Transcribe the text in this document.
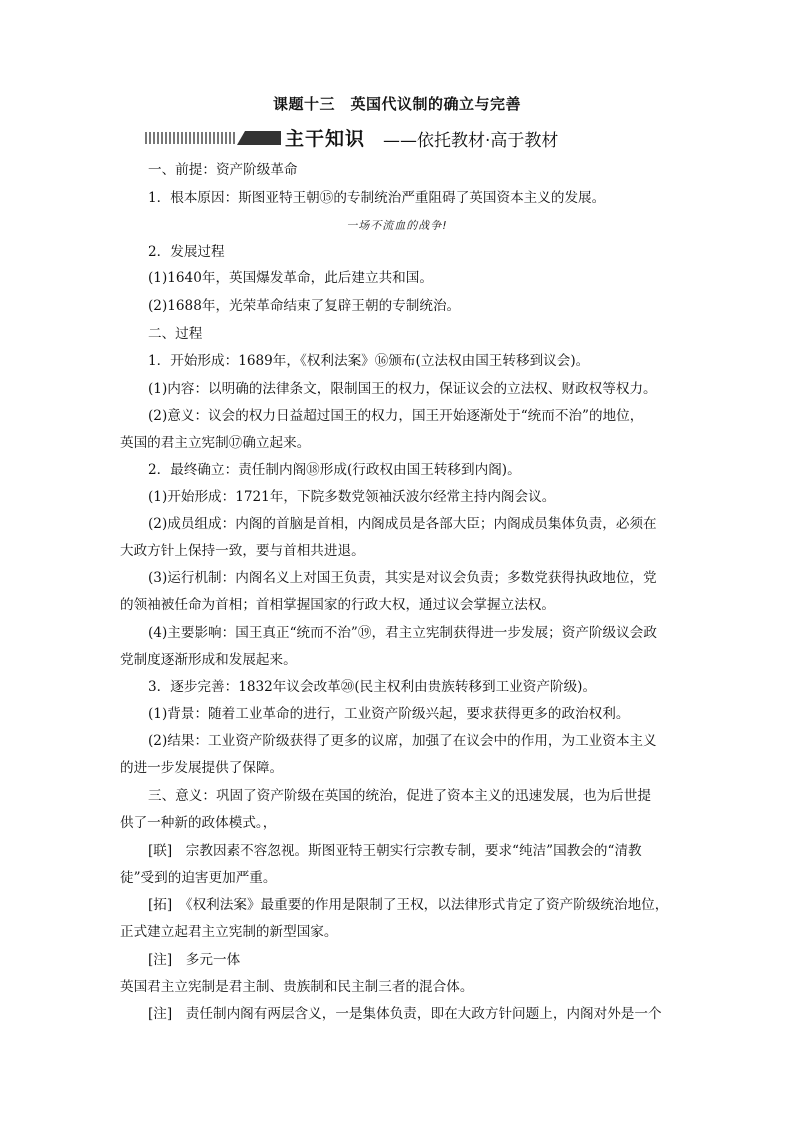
课题十三　英国代议制的确立与完善
主干知识 ——依托教材·高于教材
一、前提：资产阶级革命
1．根本原因：斯图亚特王朝⑮的专制统治严重阻碍了英国资本主义的发展。
一场不流血的战争!
2．发展过程
(1)1640年，英国爆发革命，此后建立共和国。
(2)1688年，光荣革命结束了复辟王朝的专制统治。
二、过程
1．开始形成：1689年，《权利法案》⑯颁布(立法权由国王转移到议会)。
(1)内容：以明确的法律条文，限制国王的权力，保证议会的立法权、财政权等权力。
(2)意义：议会的权力日益超过国王的权力，国王开始逐渐处于“统而不治”的地位，
英国的君主立宪制⑰确立起来。
2．最终确立：责任制内阁⑱形成(行政权由国王转移到内阁)。
(1)开始形成：1721年，下院多数党领袖沃波尔经常主持内阁会议。
(2)成员组成：内阁的首脑是首相，内阁成员是各部大臣；内阁成员集体负责，必须在
大政方针上保持一致，要与首相共进退。
(3)运行机制：内阁名义上对国王负责，其实是对议会负责；多数党获得执政地位，党
的领袖被任命为首相；首相掌握国家的行政大权，通过议会掌握立法权。
(4)主要影响：国王真正“统而不治”⑲，君主立宪制获得进一步发展；资产阶级议会政
党制度逐渐形成和发展起来。
3．逐步完善：1832年议会改革⑳(民主权利由贵族转移到工业资产阶级)。
(1)背景：随着工业革命的进行，工业资产阶级兴起，要求获得更多的政治权利。
(2)结果：工业资产阶级获得了更多的议席，加强了在议会中的作用，为工业资本主义
的进一步发展提供了保障。
三、意义：巩固了资产阶级在英国的统治，促进了资本主义的迅速发展，也为后世提
供了一种新的政体模式。，
[联]　宗教因素不容忽视。斯图亚特王朝实行宗教专制，要求“纯洁”国教会的“清教
徒”受到的迫害更加严重。
[拓]　《权利法案》最重要的作用是限制了王权，以法律形式肯定了资产阶级统治地位，
正式建立起君主立宪制的新型国家。
[注]　多元一体
英国君主立宪制是君主制、贵族制和民主制三者的混合体。
[注]　责任制内阁有两层含义，一是集体负责，即在大政方针问题上，内阁对外是一个
